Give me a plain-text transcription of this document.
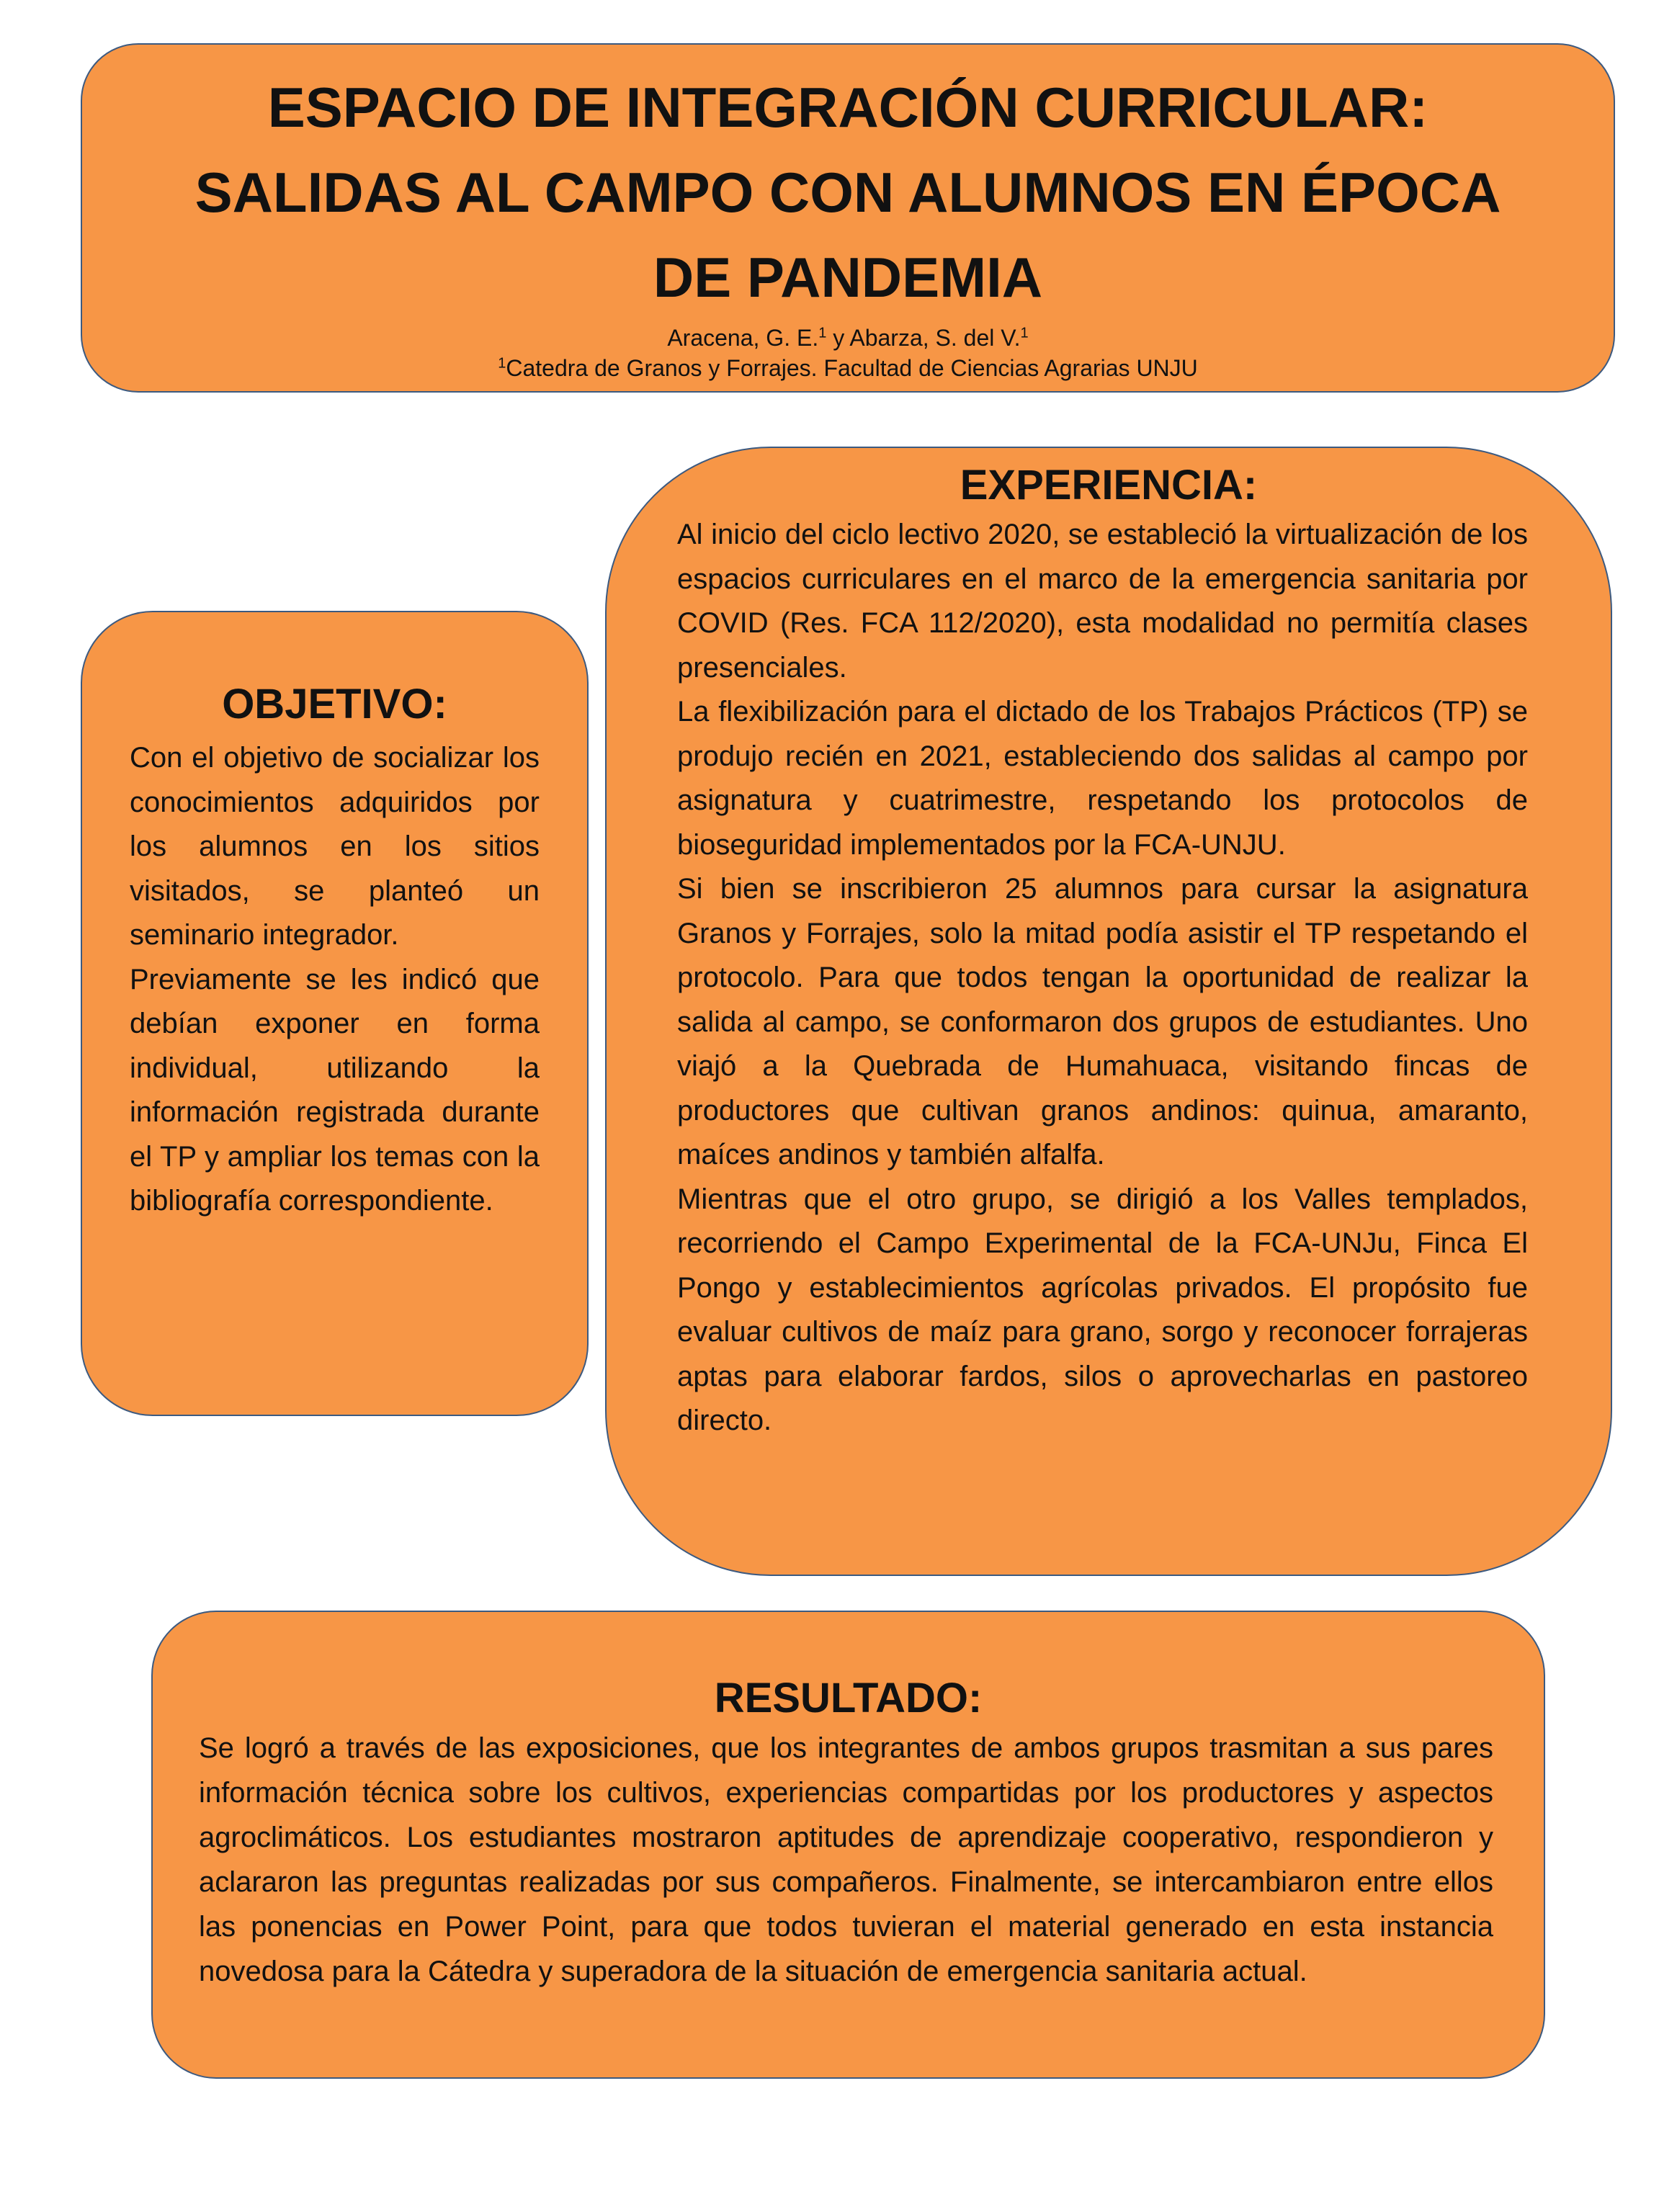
ESPACIO DE INTEGRACIÓN CURRICULAR:
SALIDAS AL CAMPO CON ALUMNOS EN ÉPOCA
DE PANDEMIA
Aracena, G. E.$^1$ y Abarza, S. del V.$^1$
$^1$Catedra de Granos y Forrajes. Facultad de Ciencias Agrarias UNJU
OBJETIVO:

Con el objetivo de socializar los conocimientos adquiridos por los alumnos en los sitios visitados, se planteó un seminario integrador.

Previamente se les indicó que debían exponer en forma individual, utilizando la información registrada durante el TP y ampliar los temas con la bibliografía correspondiente.

EXPERIENCIA:

Al inicio del ciclo lectivo 2020, se estableció la virtualización de los espacios curriculares en el marco de la emergencia sanitaria por COVID (Res. FCA 112/2020), esta modalidad no permitía clases presenciales.

La flexibilización para el dictado de los Trabajos Prácticos (TP) se produjo recién en 2021, estableciendo dos salidas al campo por asignatura y cuatrimestre, respetando los protocolos de bioseguridad implementados por la FCA-UNJU.

Si bien se inscribieron 25 alumnos para cursar la asignatura Granos y Forrajes, solo la mitad podía asistir el TP respetando el protocolo. Para que todos tengan la oportunidad de realizar la salida al campo, se conformaron dos grupos de estudiantes. Uno viajó a la Quebrada de Humahuaca, visitando fincas de productores que cultivan granos andinos: quinua, amaranto, maíces andinos y también alfalfa.

Mientras que el otro grupo, se dirigió a los Valles templados, recorriendo el Campo Experimental de la FCA-UNJu, Finca El Pongo y establecimientos agrícolas privados. El propósito fue evaluar cultivos de maíz para grano, sorgo y reconocer forrajeras aptas para elaborar fardos, silos o aprovecharlas en pastoreo directo.

RESULTADO:

Se logró a través de las exposiciones, que los integrantes de ambos grupos trasmitan a sus pares información técnica sobre los cultivos, experiencias compartidas por los productores y aspectos agroclimáticos. Los estudiantes mostraron aptitudes de aprendizaje cooperativo, respondieron y aclararon las preguntas realizadas por sus compañeros. Finalmente, se intercambiaron entre ellos las ponencias en Power Point, para que todos tuvieran el material generado en esta instancia novedosa para la Cátedra y superadora de la situación de emergencia sanitaria actual.
